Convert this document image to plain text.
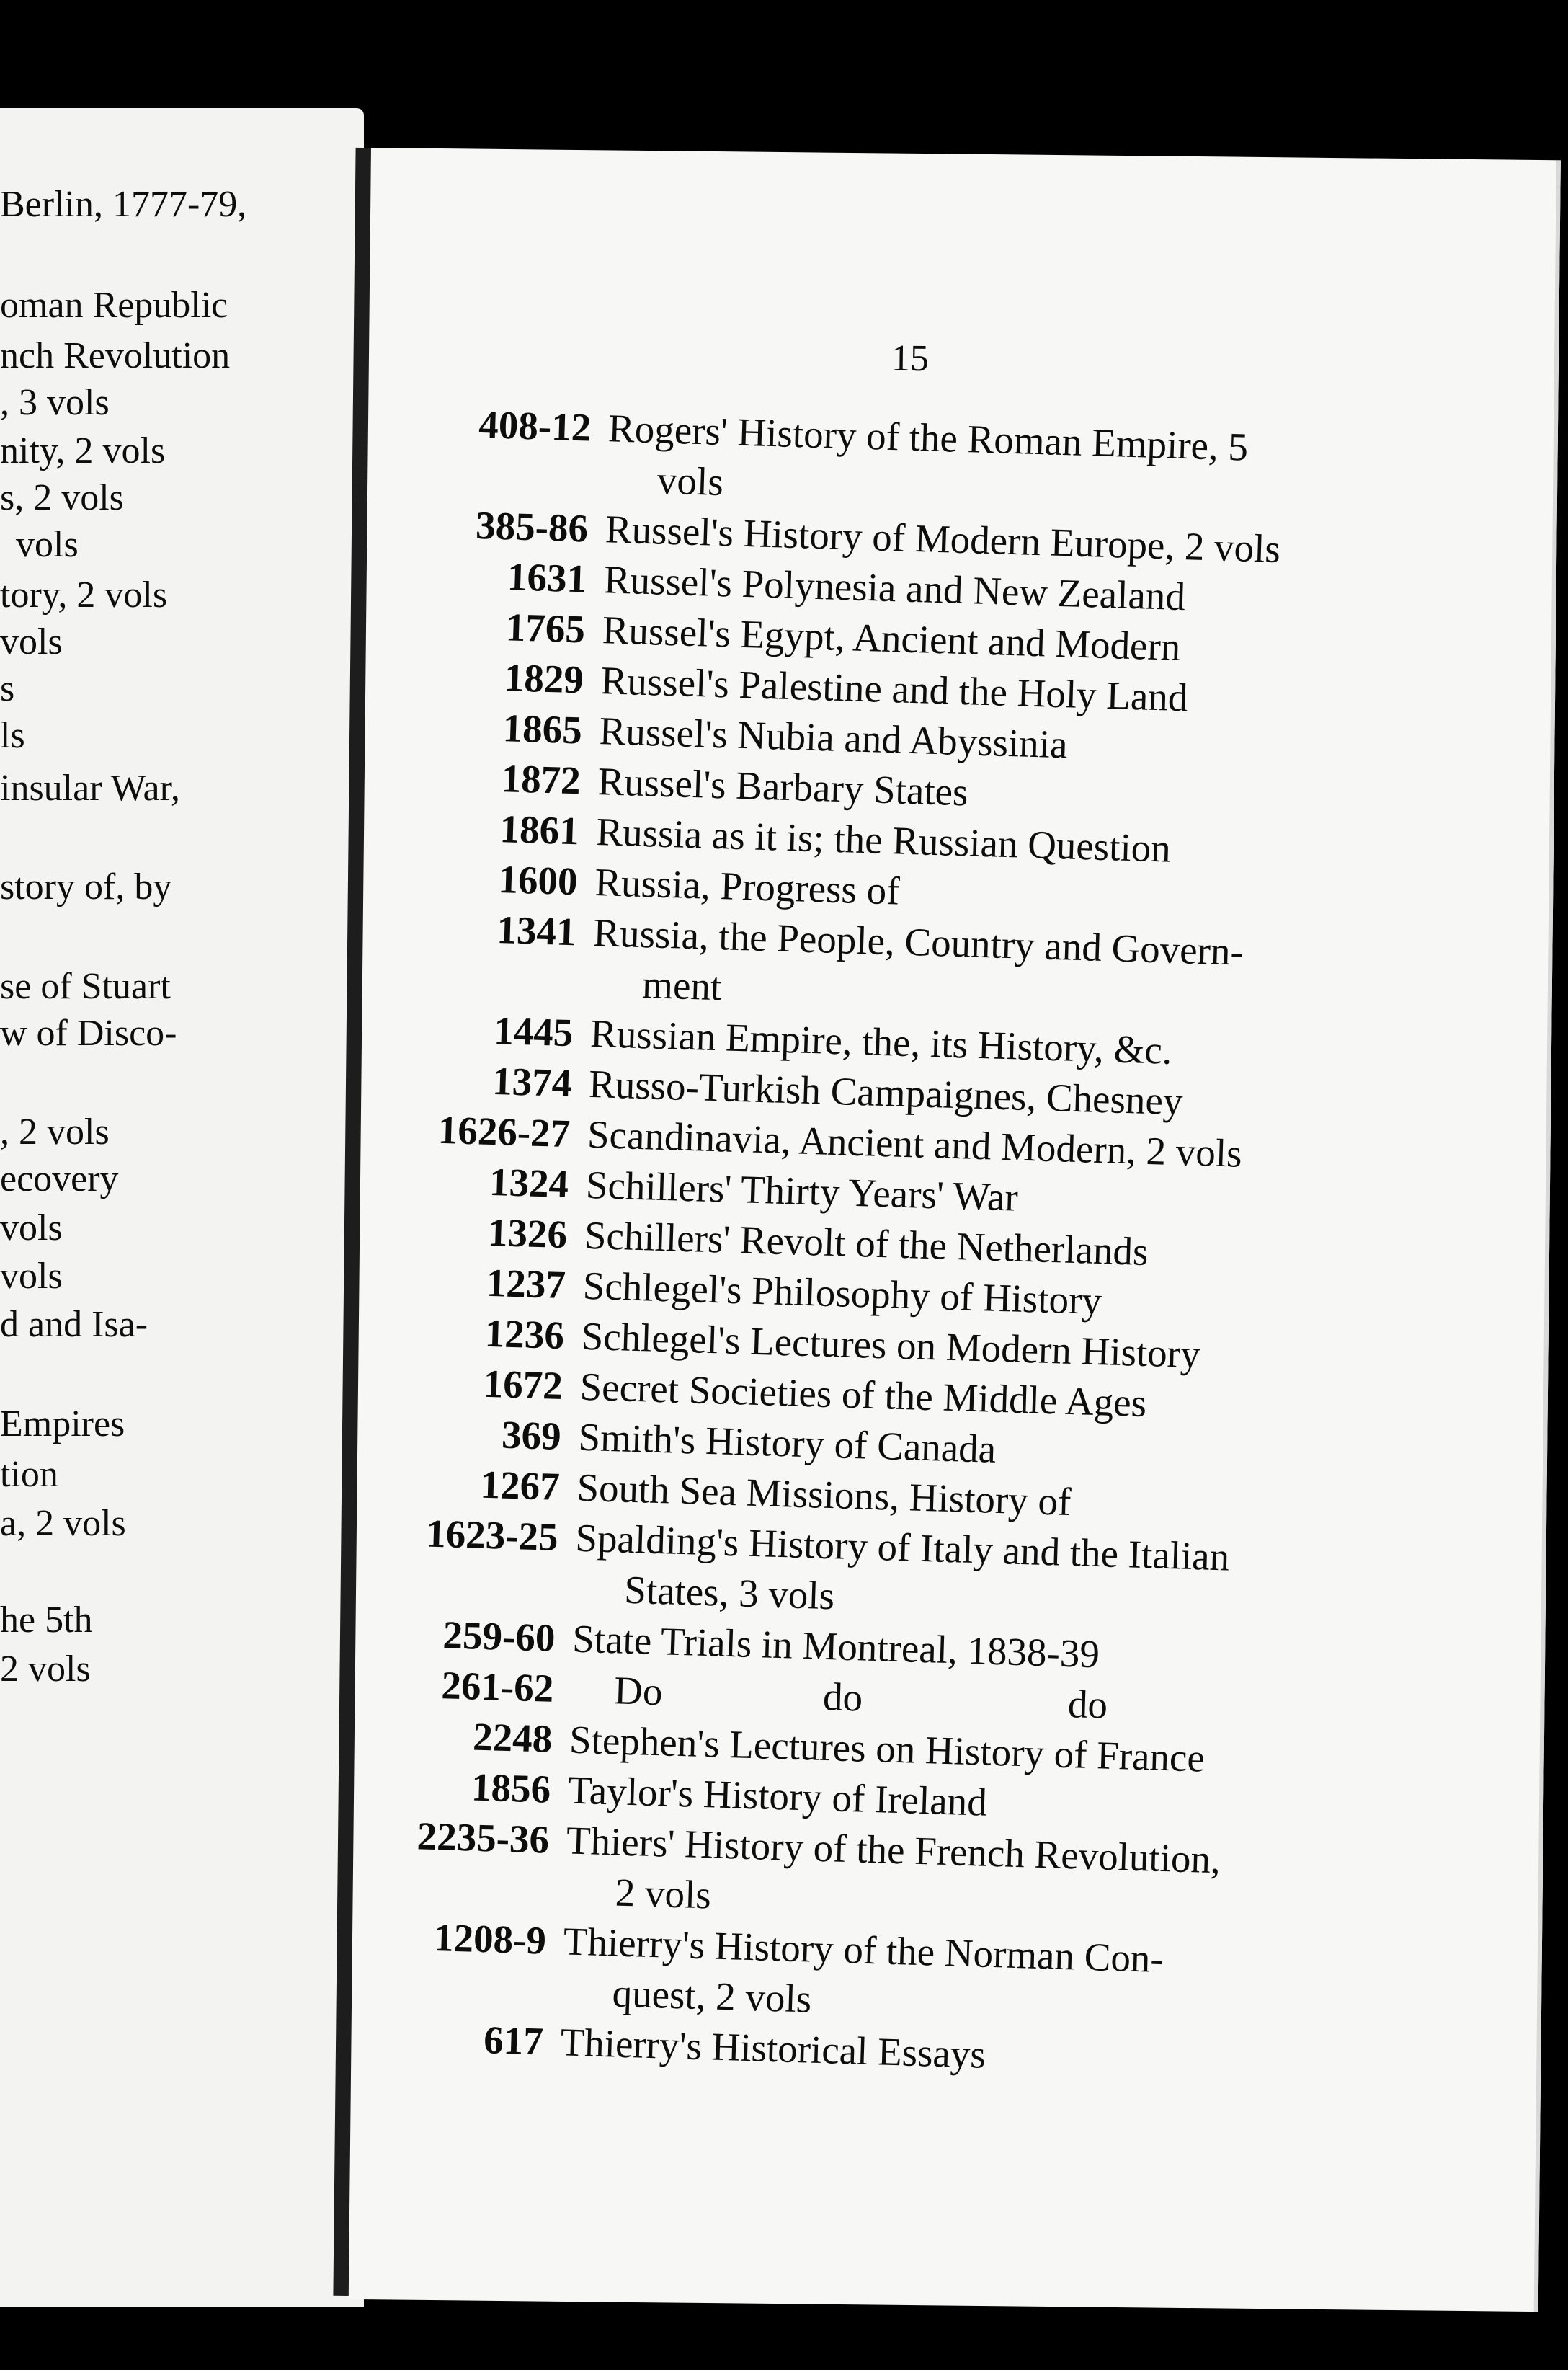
Berlin, 1777-79,
oman Republic
nch Revolution
, 3 vols
nity, 2 vols
s, 2 vols
vols
tory, 2 vols
vols
s
ls
insular War,
story of, by
se of Stuart
w of Disco-
, 2 vols
ecovery
vols
vols
d and Isa-
Empires
tion
a, 2 vols
he 5th
2 vols
15
408-12 Rogers' History of the Roman Empire, 5
vols
385-86 Russel's History of Modern Europe, 2 vols
1631 Russel's Polynesia and New Zealand
1765 Russel's Egypt, Ancient and Modern
1829 Russel's Palestine and the Holy Land
1865 Russel's Nubia and Abyssinia
1872 Russel's Barbary States
1861 Russia as it is; the Russian Question
1600 Russia, Progress of
1341 Russia, the People, Country and Govern-
ment
1445 Russian Empire, the, its History, &c.
1374 Russo-Turkish Campaignes, Chesney
1626-27 Scandinavia, Ancient and Modern, 2 vols
1324 Schillers' Thirty Years' War
1326 Schillers' Revolt of the Netherlands
1237 Schlegel's Philosophy of History
1236 Schlegel's Lectures on Modern History
1672 Secret Societies of the Middle Ages
369 Smith's History of Canada
1267 South Sea Missions, History of
1623-25 Spalding's History of Italy and the Italian
States, 3 vols
259-60 State Trials in Montreal, 1838-39
261-62	Do	do	do
2248 Stephen's Lectures on History of France
1856 Taylor's History of Ireland
2235-36 Thiers' History of the French Revolution,
2 vols
1208-9 Thierry's History of the Norman Con-
quest, 2 vols
617 Thierry's Historical Essays
